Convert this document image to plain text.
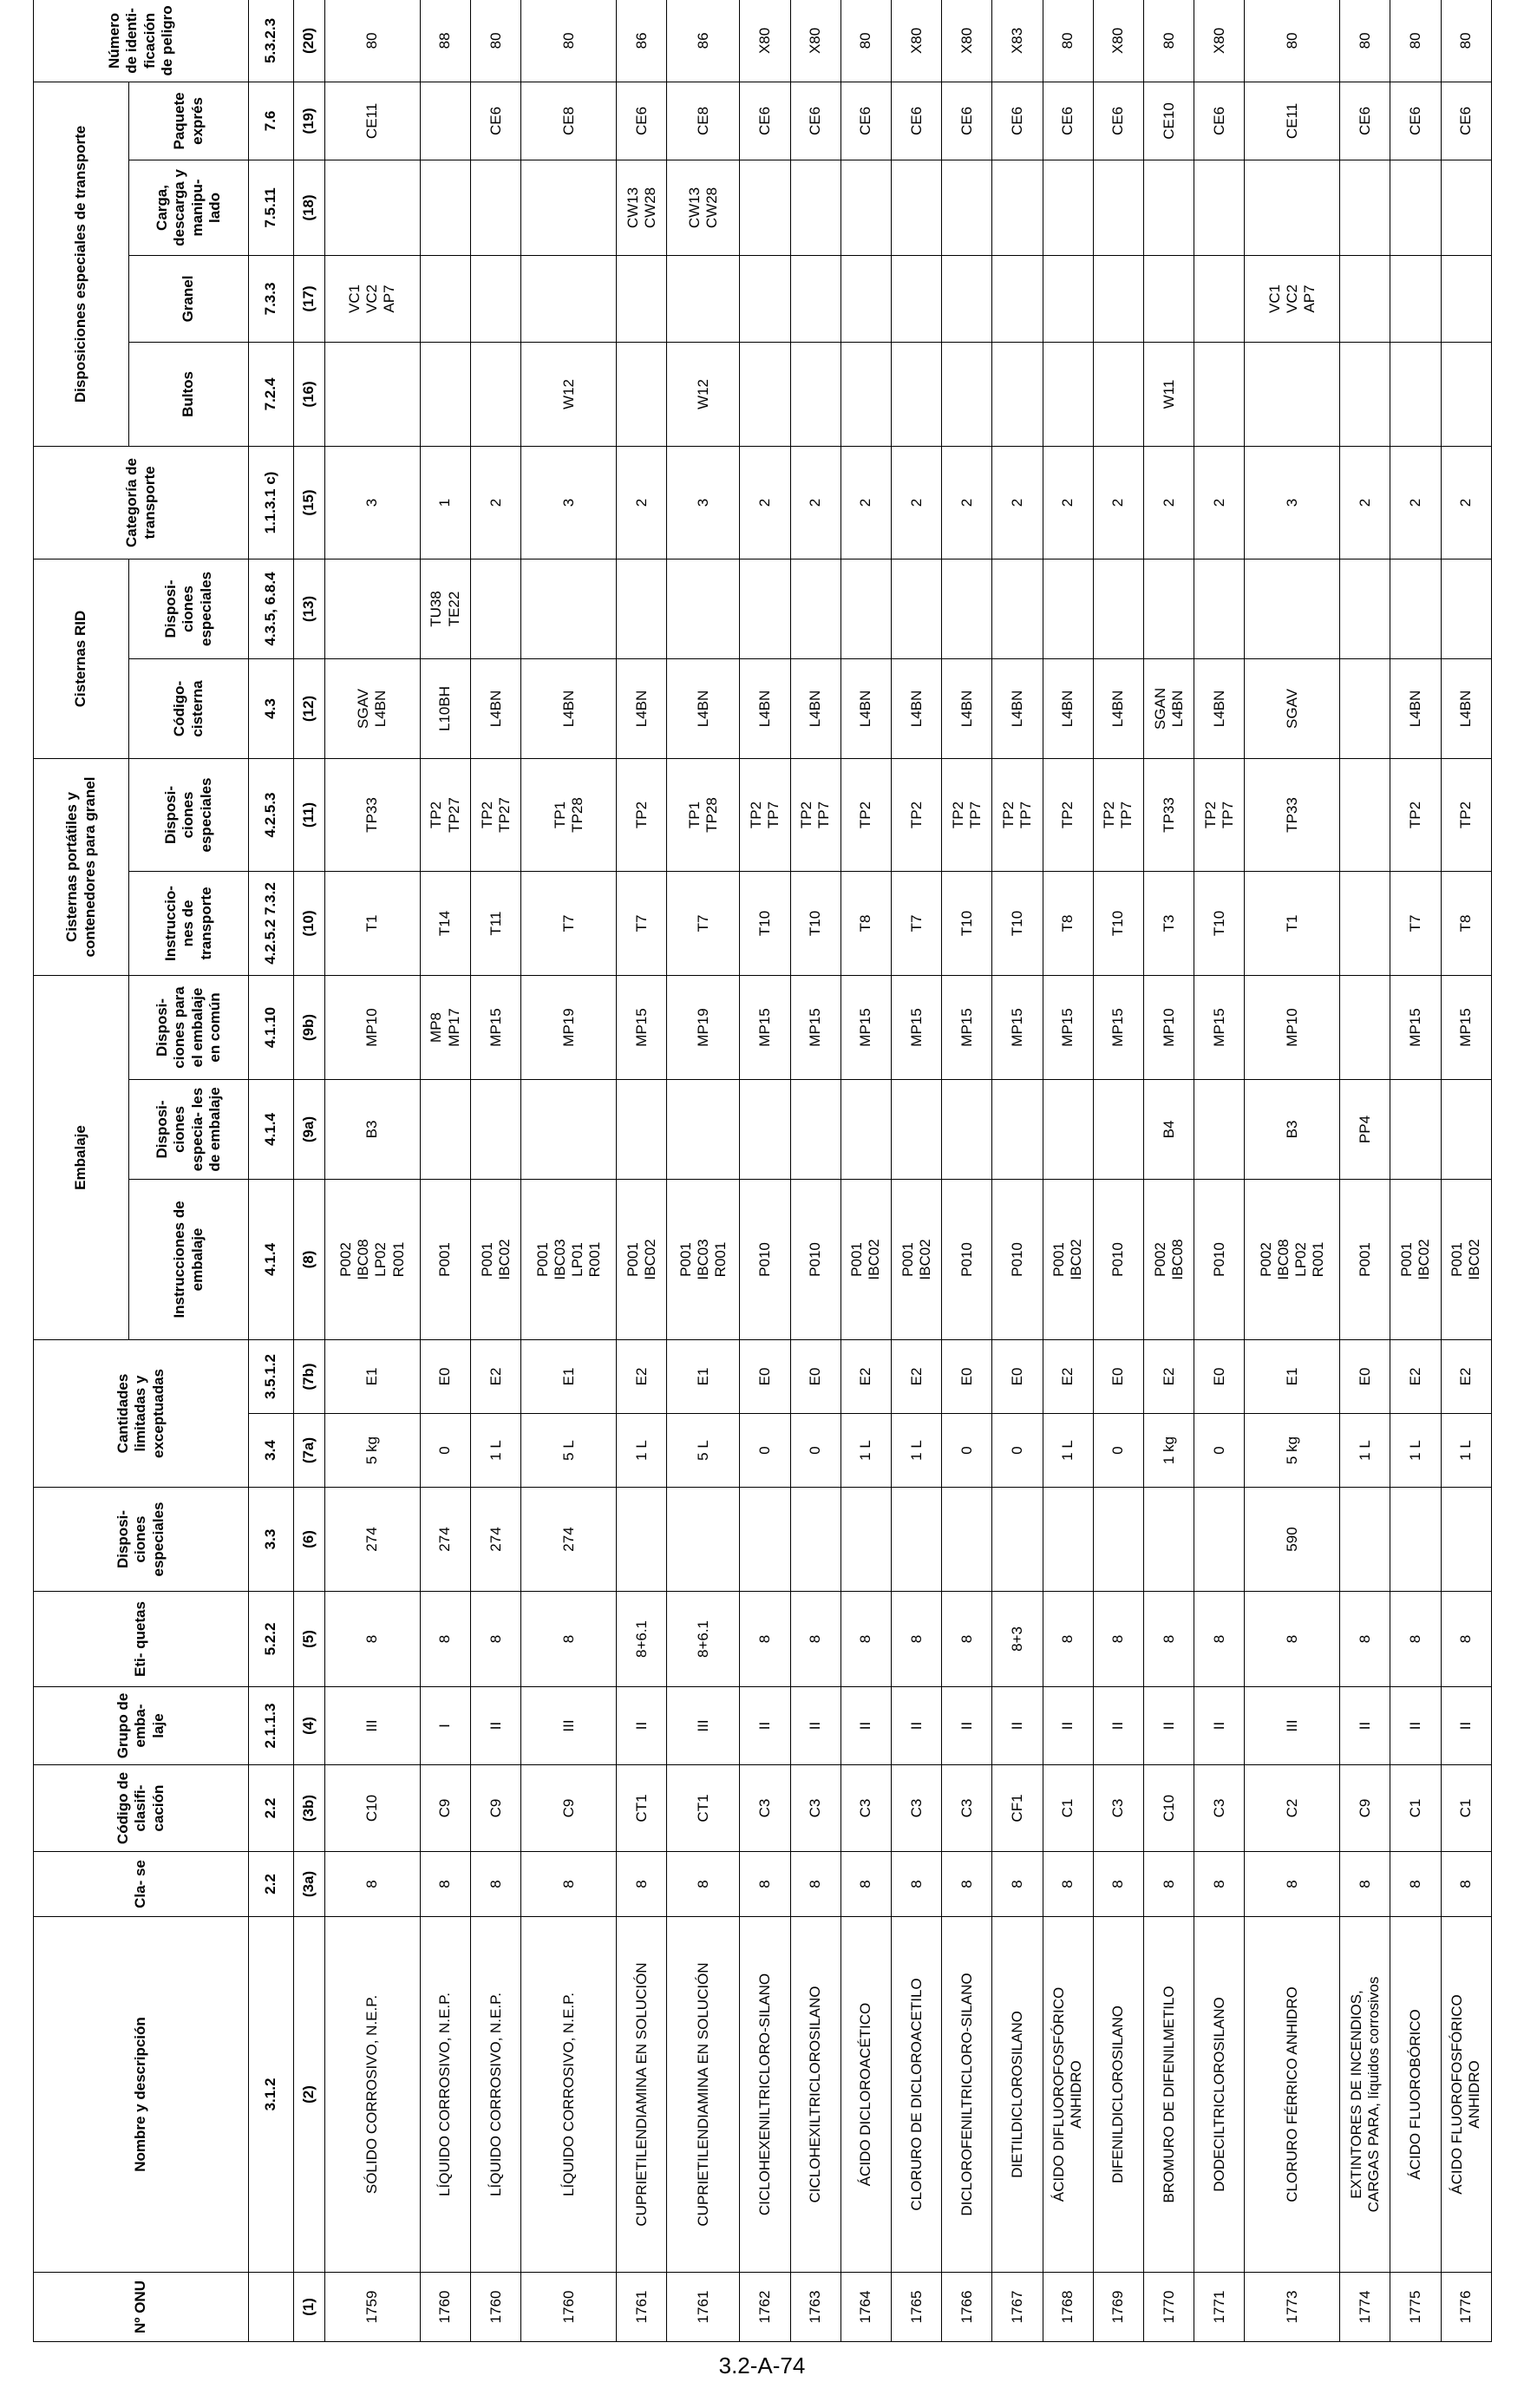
Nº ONU	Nombre y descripción	Cla- se	Código de clasifi- cación	Grupo de emba- laje	Eti- quetas	Disposi- ciones especiales	Cantidades limitadas y exceptuadas		Embalaje			Cisternas portátiles y contenedores para granel		Cisternas RID		Categoría de transporte	Disposiciones especiales de transporte				Número de identi- ficación de peligro
									Instrucciones de embalaje	Disposi- ciones especia- les de embalaje	Disposi- ciones para el embalaje en común	Instruccio- nes de transporte	Disposi- ciones especiales	Código- cisterna	Disposi- ciones especiales		Bultos	Granel	Carga, descarga y manipu- lado	Paquete exprés	
	3.1.2	2.2	2.2	2.1.1.3	5.2.2	3.3	3.4	3.5.1.2	4.1.4	4.1.4	4.1.10	4.2.5.2 7.3.2	4.2.5.3	4.3	4.3.5, 6.8.4	1.1.3.1 c)	7.2.4	7.3.3	7.5.11	7.6	5.3.2.3
(1)	(2)	(3a)	(3b)	(4)	(5)	(6)	(7a)	(7b)	(8)	(9a)	(9b)	(10)	(11)	(12)	(13)	(15)	(16)	(17)	(18)	(19)	(20)
1759	SÓLIDO CORROSIVO, N.E.P.	8	C10	III	8	274	5 kg	E1	P002
IBC08
LP02
R001	B3	MP10	T1	TP33	SGAV
L4BN		3		VC1
VC2
AP7		CE11	80
1760	LÍQUIDO CORROSIVO, N.E.P.	8	C9	I	8	274	0	E0	P001		MP8
MP17	T14	TP2
TP27	L10BH	TU38
TE22	1					88
1760	LÍQUIDO CORROSIVO, N.E.P.	8	C9	II	8	274	1 L	E2	P001
IBC02		MP15	T11	TP2
TP27	L4BN		2				CE6	80
1760	LÍQUIDO CORROSIVO, N.E.P.	8	C9	III	8	274	5 L	E1	P001
IBC03
LP01
R001		MP19	T7	TP1
TP28	L4BN		3	W12			CE8	80
1761	CUPRIETILENDIAMINA EN SOLUCIÓN	8	CT1	II	8+6.1		1 L	E2	P001
IBC02		MP15	T7	TP2	L4BN		2			CW13
CW28	CE6	86
1761	CUPRIETILENDIAMINA EN SOLUCIÓN	8	CT1	III	8+6.1		5 L	E1	P001
IBC03
R001		MP19	T7	TP1
TP28	L4BN		3	W12		CW13
CW28	CE8	86
1762	CICLOHEXENILTRICLORO-SILANO	8	C3	II	8		0	E0	P010		MP15	T10	TP2
TP7	L4BN		2				CE6	X80
1763	CICLOHEXILTRICLOROSILANO	8	C3	II	8		0	E0	P010		MP15	T10	TP2
TP7	L4BN		2				CE6	X80
1764	ÁCIDO DICLOROACÉTICO	8	C3	II	8		1 L	E2	P001
IBC02		MP15	T8	TP2	L4BN		2				CE6	80
1765	CLORURO DE DICLOROACETILO	8	C3	II	8		1 L	E2	P001
IBC02		MP15	T7	TP2	L4BN		2				CE6	X80
1766	DICLOROFENILTRICLORO-SILANO	8	C3	II	8		0	E0	P010		MP15	T10	TP2
TP7	L4BN		2				CE6	X80
1767	DIETILDICLOROSILANO	8	CF1	II	8+3		0	E0	P010		MP15	T10	TP2
TP7	L4BN		2				CE6	X83
1768	ÁCIDO DIFLUOROFOSFÓRICO
ANHIDRO	8	C1	II	8		1 L	E2	P001
IBC02		MP15	T8	TP2	L4BN		2				CE6	80
1769	DIFENILDICLOROSILANO	8	C3	II	8		0	E0	P010		MP15	T10	TP2
TP7	L4BN		2				CE6	X80
1770	BROMURO DE DIFENILMETILO	8	C10	II	8		1 kg	E2	P002
IBC08	B4	MP10	T3	TP33	SGAN
L4BN		2	W11			CE10	80
1771	DODECILTRICLOROSILANO	8	C3	II	8		0	E0	P010		MP15	T10	TP2
TP7	L4BN		2				CE6	X80
1773	CLORURO FÉRRICO ANHIDRO	8	C2	III	8	590	5 kg	E1	P002
IBC08
LP02
R001	B3	MP10	T1	TP33	SGAV		3		VC1
VC2
AP7		CE11	80
1774	EXTINTORES DE INCENDIOS,
CARGAS PARA, líquidos corrosivos	8	C9	II	8		1 L	E0	P001	PP4						2				CE6	80
1775	ÁCIDO FLUOROBÓRICO	8	C1	II	8		1 L	E2	P001
IBC02		MP15	T7	TP2	L4BN		2				CE6	80
1776	ÁCIDO FLUOROFOSFÓRICO
ANHIDRO	8	C1	II	8		1 L	E2	P001
IBC02		MP15	T8	TP2	L4BN		2				CE6	80
3.2-A-74
